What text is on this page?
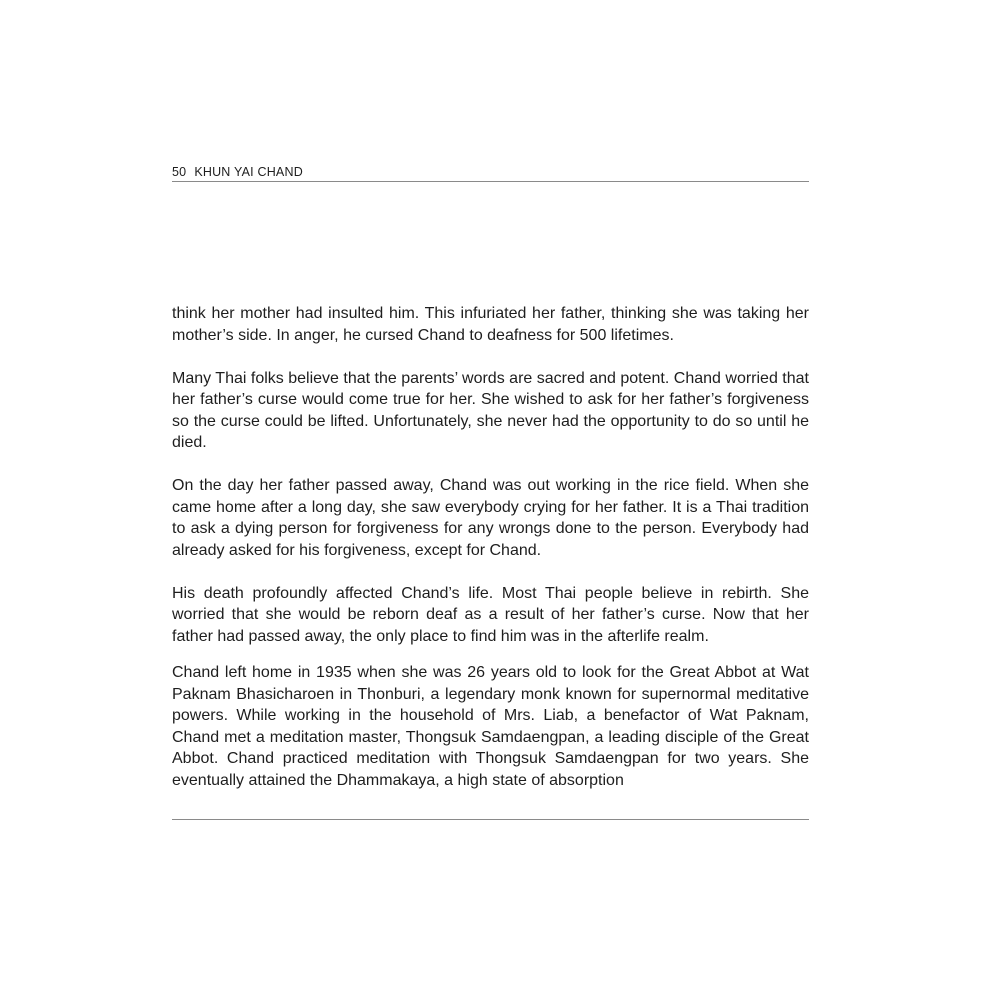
50 KHUN YAI CHAND

think her mother had insulted him. This infuriated her father, thinking she was taking her mother’s side. In anger, he cursed Chand to deafness for 500 lifetimes.

Many Thai folks believe that the parents’ words are sacred and potent. Chand worried that her father’s curse would come true for her. She wished to ask for her father’s forgiveness so the curse could be lifted. Unfortunately, she never had the opportunity to do so until he died.

On the day her father passed away, Chand was out working in the rice field. When she came home after a long day, she saw everybody crying for her father. It is a Thai tradition to ask a dying person for forgiveness for any wrongs done to the person. Everybody had already asked for his forgiveness, except for Chand.

His death profoundly affected Chand’s life. Most Thai people believe in rebirth. She worried that she would be reborn deaf as a result of her father’s curse. Now that her father had passed away, the only place to find him was in the afterlife realm.

Chand left home in 1935 when she was 26 years old to look for the Great Abbot at Wat Paknam Bhasicharoen in Thonburi, a legendary monk known for supernormal meditative powers. While working in the household of Mrs. Liab, a benefactor of Wat Paknam, Chand met a meditation master, Thongsuk Samdaengpan, a leading disciple of the Great Abbot. Chand practiced meditation with Thongsuk Samdaengpan for two years. She eventually attained the Dhammakaya, a high state of absorption
